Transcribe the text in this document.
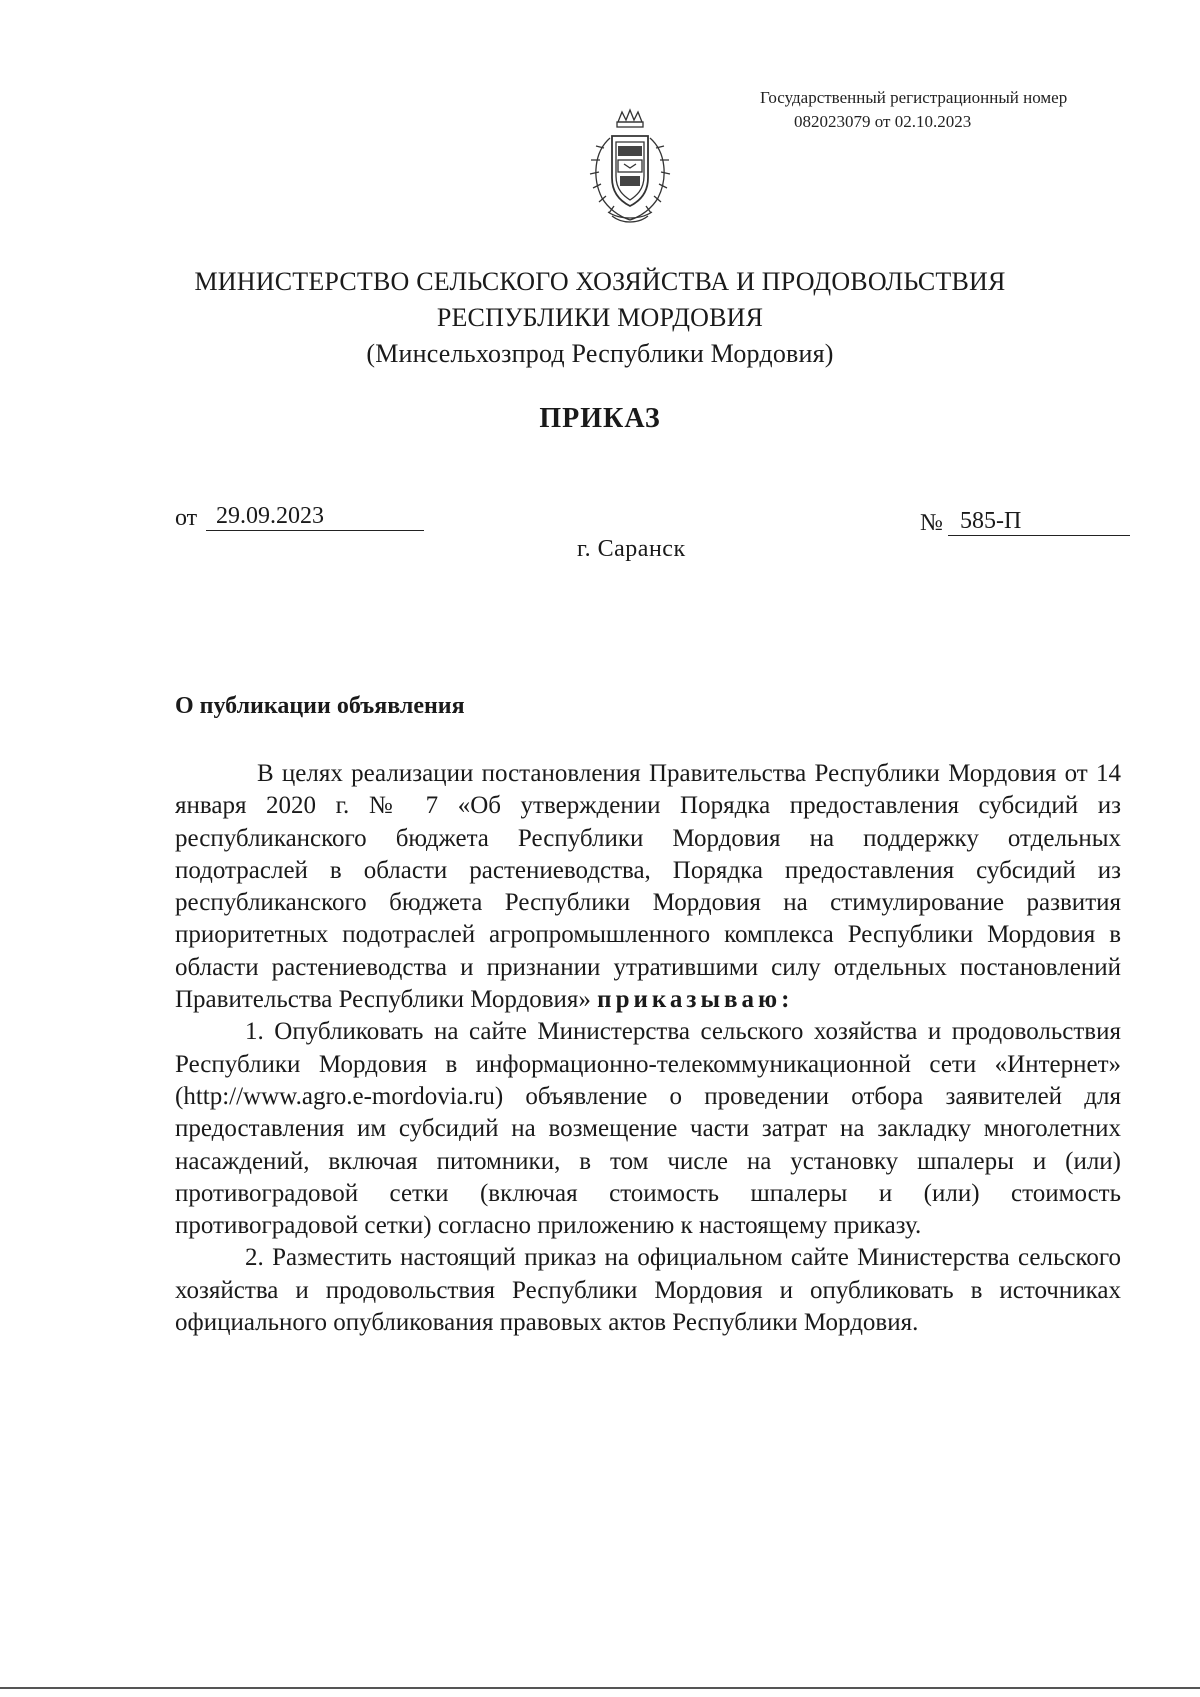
Государственный регистрационный номер
082023079 от 02.10.2023
МИНИСТЕРСТВО СЕЛЬСКОГО ХОЗЯЙСТВА И ПРОДОВОЛЬСТВИЯ
РЕСПУБЛИКИ МОРДОВИЯ
(Минсельхозпрод Республики Мордовия)
ПРИКАЗ
от 29.09.2023	№ 585-П
г. Саранск
О публикации объявления

В целях реализации постановления Правительства Республики Мордовия от 14 января 2020 г. № 7 «Об утверждении Порядка предоставления субсидий из республиканского бюджета Республики Мордовия на поддержку отдельных подотраслей в области растениеводства, Порядка предоставления субсидий из республиканского бюджета Республики Мордовия на стимулирование развития приоритетных подотраслей агропромышленного комплекса Республики Мордовия в области растениеводства и признании утратившими силу отдельных постановлений Правительства Республики Мордовия» приказываю:

1. Опубликовать на сайте Министерства сельского хозяйства и продовольствия Республики Мордовия в информационно-телекоммуникационной сети «Интернет» (http://www.agro.e-mordovia.ru) объявление о проведении отбора заявителей для предоставления им субсидий на возмещение части затрат на закладку многолетних насаждений, включая питомники, в том числе на установку шпалеры и (или) противоградовой сетки (включая стоимость шпалеры и (или) стоимость противоградовой сетки) согласно приложению к настоящему приказу.

2. Разместить настоящий приказ на официальном сайте Министерства сельского хозяйства и продовольствия Республики Мордовия и опубликовать в источниках официального опубликования правовых актов Республики Мордовия.
